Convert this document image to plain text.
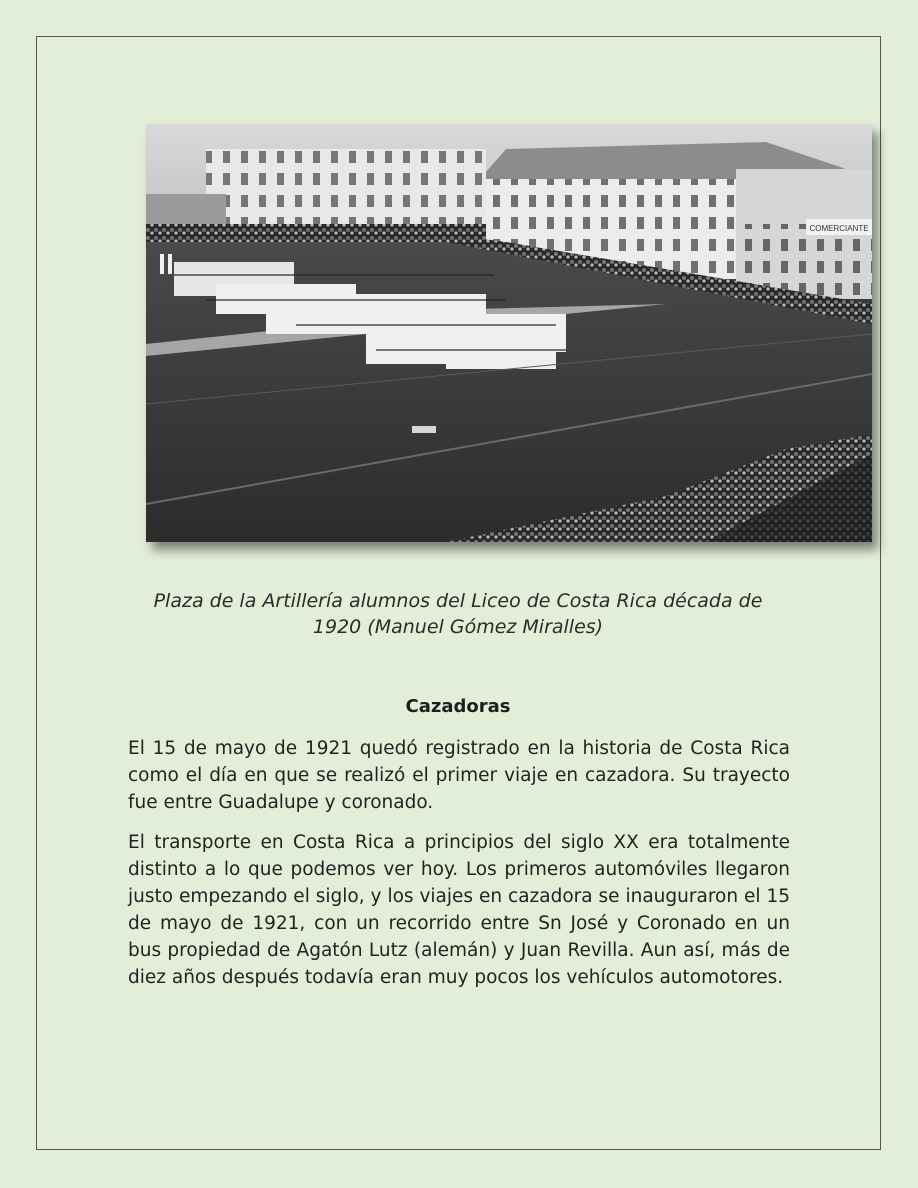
COMERCIANTE

Plaza de la Artillería alumnos del Liceo de Costa Rica década de 1920 (Manuel Gómez Miralles)

Cazadoras

El 15 de mayo de 1921 quedó registrado en la historia de Costa Rica como el día en que se realizó el primer viaje en cazadora. Su trayecto fue entre Guadalupe y coronado.

El transporte en Costa Rica a principios del siglo XX era totalmente distinto a lo que podemos ver hoy. Los primeros automóviles llegaron justo empezando el siglo, y los viajes en cazadora se inauguraron el 15 de mayo de 1921, con un recorrido entre Sn José y Coronado en un bus propiedad de Agatón Lutz (alemán) y Juan Revilla. Aun así, más de diez años después todavía eran muy pocos los vehículos automotores.
